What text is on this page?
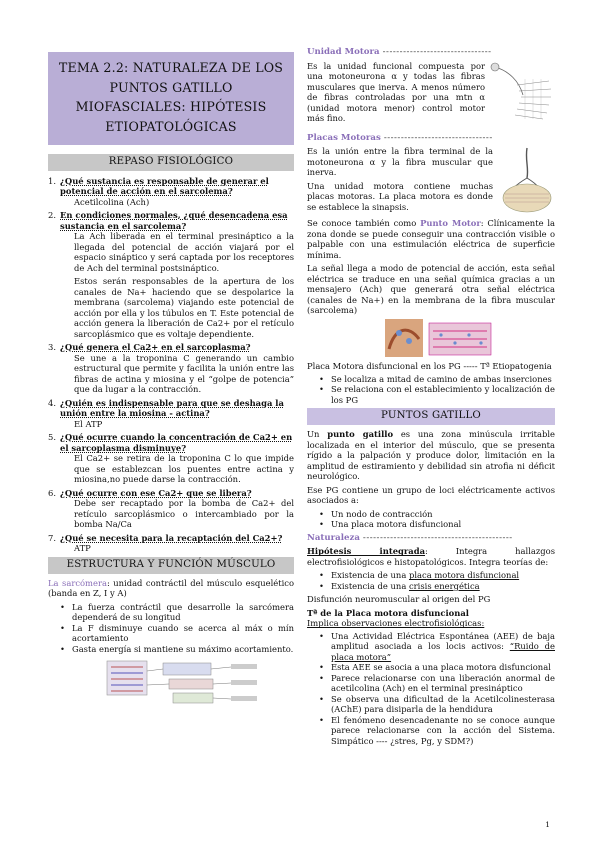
TEMA 2.2: NATURALEZA DE LOS
PUNTOS GATILLO
MIOFASCIALES: HIPÓTESIS
ETIOPATOLÓGICAS
REPASO FISIOLÓGICO
1. ¿Qué sustancia es responsable de generar el potencial de acción en el sarcolema?

Acetilcolina (Ach)

2. En condiciones normales, ¿qué desencadena esa sustancia en el sarcolema?

La Ach liberada en el terminal presináptico a la llegada del potencial de acción viajará por el espacio sináptico y será captada por los receptores de Ach del terminal postsináptico.

Estos serán responsables de la apertura de los canales de Na+ haciendo que se despolarice la membrana (sarcolema) viajando este potencial de acción por ella y los túbulos en T. Este potencial de acción genera la liberación de Ca2+ por el retículo sarcoplásmico que es voltaje dependiente.

3. ¿Qué genera el Ca2+ en el sarcoplasma?

Se une a la troponina C generando un cambio estructural que permite y facilita la unión entre las fibras de actina y miosina y el “golpe de potencia” que da lugar a la contracción.

4. ¿Quién es indispensable para que se deshaga la unión entre la miosina - actina?

El ATP

5. ¿Qué ocurre cuando la concentración de Ca2+ en el sarcoplasma disminuye?

El Ca2+ se retira de la troponina C lo que impide que se establezcan los puentes entre actina y miosina,no puede darse la contracción.

6. ¿Qué ocurre con ese Ca2+ que se libera?

Debe ser recaptado por la bomba de Ca2+ del retículo sarcoplásmico o intercambiado por la bomba Na/Ca

7. ¿Qué se necesita para la recaptación del Ca2+?

ATP

ESTRUCTURA Y FUNCIÓN MÚSCULO

La sarcómera: unidad contráctil del músculo esquelético (banda en Z, I y A)

• La fuerza contráctil que desarrolle la sarcómera dependerá de su longitud
• La F disminuye cuando se acerca al máx o mín acortamiento
• Gasta energía si mantiene su máximo acortamiento.
Unidad Motora --------------------------------

Es la unidad funcional compuesta por una motoneurona α y todas las fibras musculares que inerva. A menos número de fibras controladas por una mtn α (unidad motora menor) control motor más fino.

Placas Motoras --------------------------------

Es la unión entre la fibra terminal de la motoneurona α y la fibra muscular que inerva.

Una unidad motora contiene muchas placas motoras. La placa motora es donde se establece la sinapsis.

Se conoce también como Punto Motor: Clínicamente la zona donde se puede conseguir una contracción visible o palpable con una estimulación eléctrica de superficie mínima.

La señal llega a modo de potencial de acción, esta señal eléctrica se traduce en una señal química gracias a un mensajero (Ach) que generará otra señal eléctrica (canales de Na+) en la membrana de la fibra muscular (sarcolema)

Placa Motora disfuncional en los PG ----- Tª Etiopatogenia

• Se localiza a mitad de camino de ambas inserciones
• Se relaciona con el establecimiento y localización de los PG
PUNTOS GATILLO

Un punto gatillo es una zona minúscula irritable localizada en el interior del músculo, que se presenta rígido a la palpación y produce dolor, limitación en la amplitud de estiramiento y debilidad sin atrofia ni déficit neurológico.

Ese PG contiene un grupo de loci eléctricamente activos asociados a:

• Un nodo de contracción
• Una placa motora disfuncional
Naturaleza --------------------------------------------

Hipótesis integrada: Integra hallazgos electrofisiológicos e histopatológicos. Integra teorías de:

• Existencia de una placa motora disfuncional
• Existencia de una crisis energética

Disfunción neuromuscular al origen del PG

Tª de la Placa motora disfuncional

Implica observaciones electrofisiológicas:

• Una Actividad Eléctrica Espontánea (AEE) de baja amplitud asociada a los locis activos: “Ruido de placa motora”
• Esta AEE se asocia a una placa motora disfuncional
• Parece relacionarse con una liberación anormal de acetilcolina (Ach) en el terminal presináptico
• Se observa una dificultad de la Acetilcolinesterasa (AChE) para disiparla de la hendidura
• El fenómeno desencadenante no se conoce aunque parece relacionarse con la acción del Sistema. Simpático ---- ¿stres, Pg, y SDM?)
1
